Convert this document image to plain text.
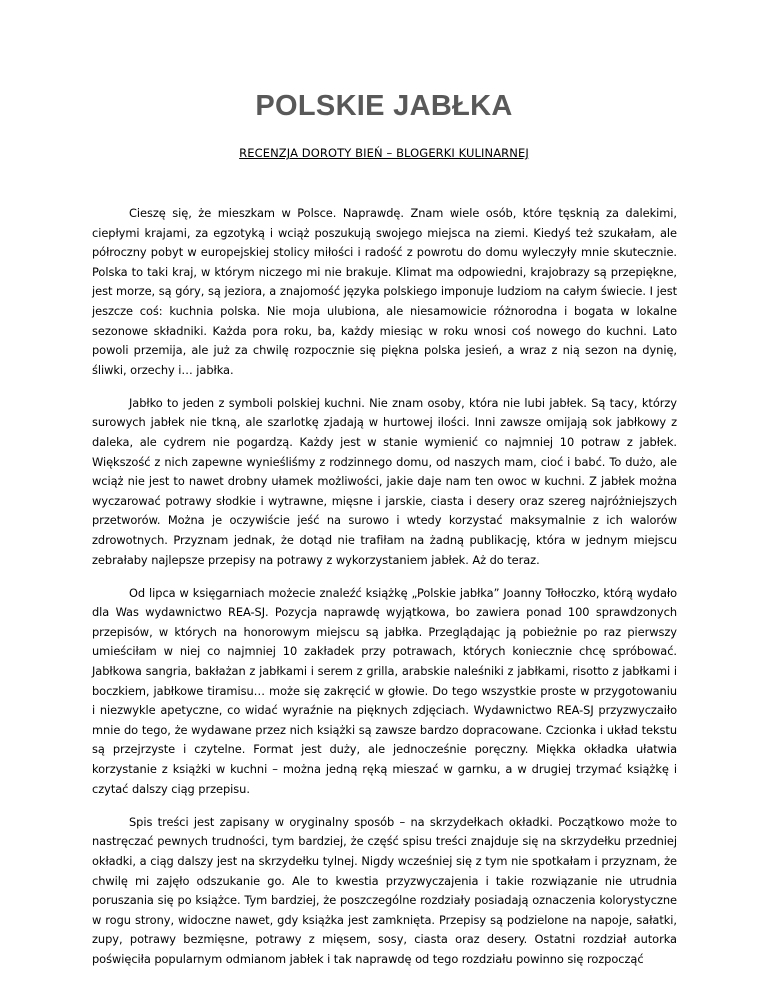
POLSKIE JABŁKA
RECENZJA DOROTY BIEŃ – BLOGERKI KULINARNEJ

Cieszę się, że mieszkam w Polsce. Naprawdę. Znam wiele osób, które tęsknią za dalekimi, ciepłymi krajami, za egzotyką i wciąż poszukują swojego miejsca na ziemi. Kiedyś też szukałam, ale półroczny pobyt w europejskiej stolicy miłości i radość z powrotu do domu wyleczyły mnie skutecznie. Polska to taki kraj, w którym niczego mi nie brakuje. Klimat ma odpowiedni, krajobrazy są przepiękne, jest morze, są góry, są jeziora, a znajomość języka polskiego imponuje ludziom na całym świecie. I jest jeszcze coś: kuchnia polska. Nie moja ulubiona, ale niesamowicie różnorodna i bogata w lokalne sezonowe składniki. Każda pora roku, ba, każdy miesiąc w roku wnosi coś nowego do kuchni. Lato powoli przemija, ale już za chwilę rozpocznie się piękna polska jesień, a wraz z nią sezon na dynię, śliwki, orzechy i… jabłka.

Jabłko to jeden z symboli polskiej kuchni. Nie znam osoby, która nie lubi jabłek. Są tacy, którzy surowych jabłek nie tkną, ale szarlotkę zjadają w hurtowej ilości. Inni zawsze omijają sok jabłkowy z daleka, ale cydrem nie pogardzą. Każdy jest w stanie wymienić co najmniej 10 potraw z jabłek. Większość z nich zapewne wynieśliśmy z rodzinnego domu, od naszych mam, cioć i babć. To dużo, ale wciąż nie jest to nawet drobny ułamek możliwości, jakie daje nam ten owoc w kuchni. Z jabłek można wyczarować potrawy słodkie i wytrawne, mięsne i jarskie, ciasta i desery oraz szereg najróżniejszych przetworów. Można je oczywiście jeść na surowo i wtedy korzystać maksymalnie z ich walorów zdrowotnych. Przyznam jednak, że dotąd nie trafiłam na żadną publikację, która w jednym miejscu zebrałaby najlepsze przepisy na potrawy z wykorzystaniem jabłek. Aż do teraz.

Od lipca w księgarniach możecie znaleźć książkę „Polskie jabłka” Joanny Tołłoczko, którą wydało dla Was wydawnictwo REA-SJ. Pozycja naprawdę wyjątkowa, bo zawiera ponad 100 sprawdzonych przepisów, w których na honorowym miejscu są jabłka. Przeglądając ją pobieżnie po raz pierwszy umieściłam w niej co najmniej 10 zakładek przy potrawach, których koniecznie chcę spróbować. Jabłkowa sangria, bakłażan z jabłkami i serem z grilla, arabskie naleśniki z jabłkami, risotto z jabłkami i boczkiem, jabłkowe tiramisu… może się zakręcić w głowie. Do tego wszystkie proste w przygotowaniu i niezwykle apetyczne, co widać wyraźnie na pięknych zdjęciach. Wydawnictwo REA-SJ przyzwyczaiło mnie do tego, że wydawane przez nich książki są zawsze bardzo dopracowane. Czcionka i układ tekstu są przejrzyste i czytelne. Format jest duży, ale jednocześnie poręczny. Miękka okładka ułatwia korzystanie z książki w kuchni – można jedną ręką mieszać w garnku, a w drugiej trzymać książkę i czytać dalszy ciąg przepisu.

Spis treści jest zapisany w oryginalny sposób – na skrzydełkach okładki. Początkowo może to nastręczać pewnych trudności, tym bardziej, że część spisu treści znajduje się na skrzydełku przedniej okładki, a ciąg dalszy jest na skrzydełku tylnej. Nigdy wcześniej się z tym nie spotkałam i przyznam, że chwilę mi zajęło odszukanie go. Ale to kwestia przyzwyczajenia i takie rozwiązanie nie utrudnia poruszania się po książce. Tym bardziej, że poszczególne rozdziały posiadają oznaczenia kolorystyczne w rogu strony, widoczne nawet, gdy książka jest zamknięta. Przepisy są podzielone na napoje, sałatki, zupy, potrawy bezmięsne, potrawy z mięsem, sosy, ciasta oraz desery. Ostatni rozdział autorka poświęciła popularnym odmianom jabłek i tak naprawdę od tego rozdziału powinno się rozpocząć
